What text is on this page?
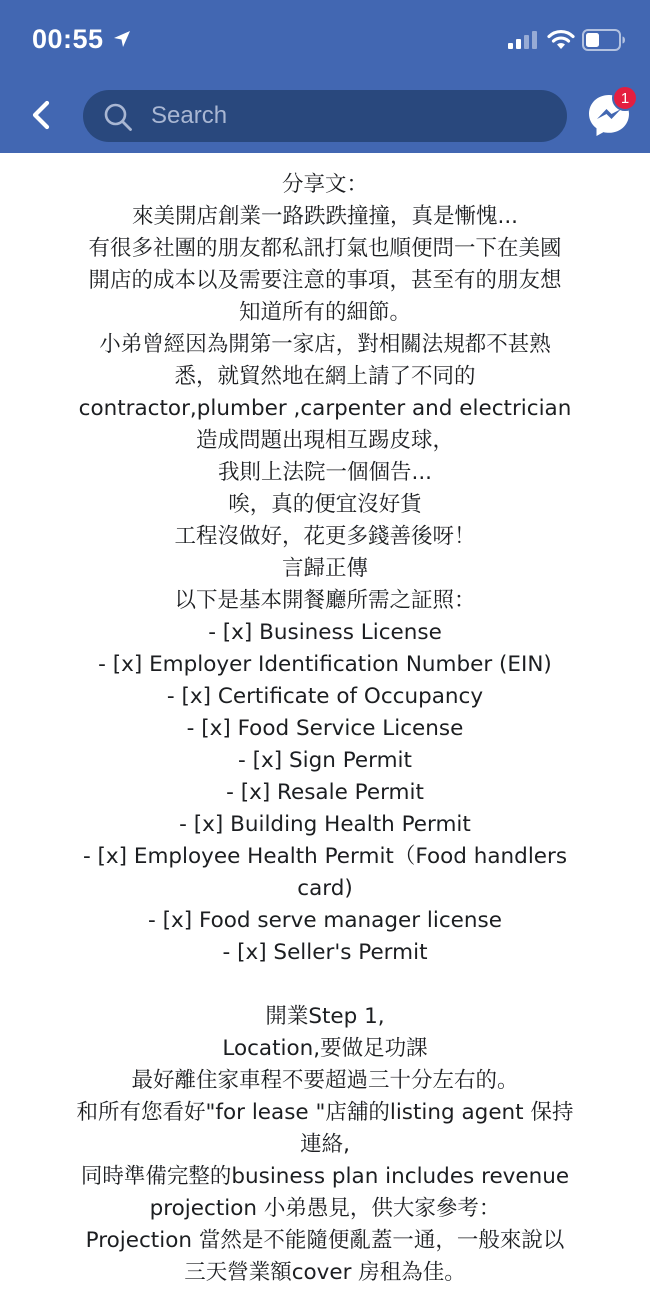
00:55
Search
1
分享文：
來美開店創業一路跌跌撞撞，真是慚愧...
有很多社團的朋友都私訊打氣也順便問一下在美國
開店的成本以及需要注意的事項，甚至有的朋友想
知道所有的細節。
小弟曾經因為開第一家店，對相關法規都不甚熟
悉，就貿然地在網上請了不同的
contractor,plumber ,carpenter and electrician
造成問題出現相互踢皮球，
我則上法院一個個告...
唉，真的便宜沒好貨
工程沒做好，花更多錢善後呀！
言歸正傳
以下是基本開餐廳所需之証照：
- [x] Business License
- [x] Employer Identification Number (EIN)
- [x] Certificate of Occupancy
- [x] Food Service License
- [x] Sign Permit
- [x] Resale Permit
- [x] Building Health Permit
- [x] Employee Health Permit（Food handlers
card)
- [x] Food serve manager license
- [x] Seller's Permit
開業Step 1,
Location,要做足功課
最好離住家車程不要超過三十分左右的。
和所有您看好"for lease "店舖的listing agent 保持
連絡,
同時準備完整的business plan includes revenue
projection 小弟愚見，供大家參考：
Projection 當然是不能隨便亂蓋一通，一般來說以
三天營業額cover 房租為佳。
